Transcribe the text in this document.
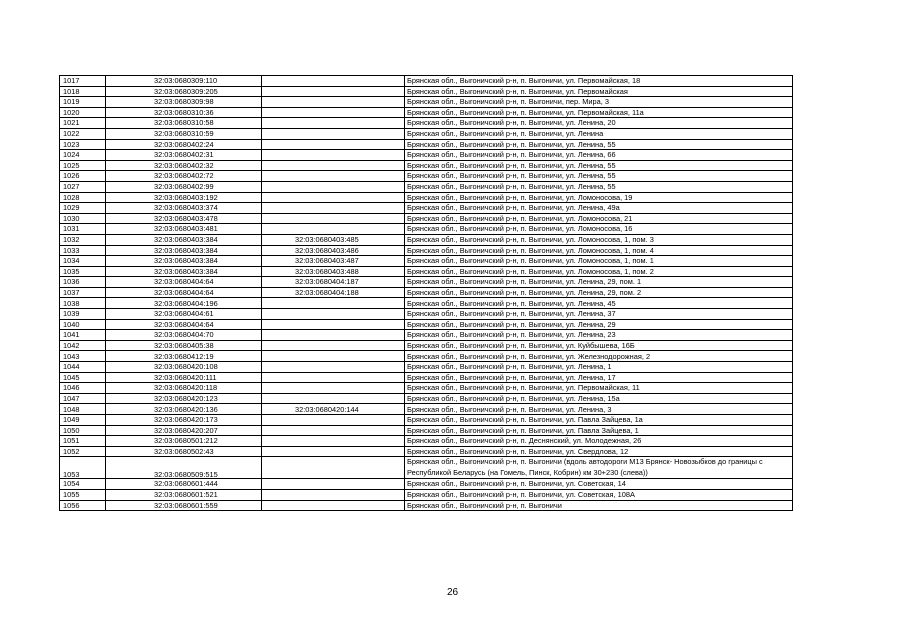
1017	32:03:0680309:110		Брянская обл., Выгоничский р-н, п. Выгоничи, ул. Первомайская, 18
1018	32:03:0680309:205		Брянская обл., Выгоничский р-н, п. Выгоничи, ул. Первомайская
1019	32:03:0680309:98		Брянская обл., Выгоничский р-н, п. Выгоничи, пер. Мира, 3
1020	32:03:0680310:36		Брянская обл., Выгоничский р-н, п. Выгоничи, ул. Первомайская, 11а
1021	32:03:0680310:58		Брянская обл., Выгоничский р-н, п. Выгоничи, ул. Ленина, 20
1022	32:03:0680310:59		Брянская обл., Выгоничский р-н, п. Выгоничи, ул. Ленина
1023	32:03:0680402:24		Брянская обл., Выгоничский р-н, п. Выгоничи, ул. Ленина, 55
1024	32:03:0680402:31		Брянская обл., Выгоничский р-н, п. Выгоничи, ул. Ленина, 66
1025	32:03:0680402:32		Брянская обл., Выгоничский р-н, п. Выгоничи, ул. Ленина, 55
1026	32:03:0680402:72		Брянская обл., Выгоничский р-н, п. Выгоничи, ул. Ленина, 55
1027	32:03:0680402:99		Брянская обл., Выгоничский р-н, п. Выгоничи, ул. Ленина, 55
1028	32:03:0680403:192		Брянская обл., Выгоничский р-н, п. Выгоничи, ул. Ломоносова, 19
1029	32:03:0680403:374		Брянская обл., Выгоничский р-н, п. Выгоничи, ул. Ленина, 49а
1030	32:03:0680403:478		Брянская обл., Выгоничский р-н, п. Выгоничи, ул. Ломоносова, 21
1031	32:03:0680403:481		Брянская обл., Выгоничский р-н, п. Выгоничи, ул. Ломоносова, 16
1032	32:03:0680403:384	32:03:0680403:485	Брянская обл., Выгоничский р-н, п. Выгоничи, ул. Ломоносова, 1, пом. 3
1033	32:03:0680403:384	32:03:0680403:486	Брянская обл., Выгоничский р-н, п. Выгоничи, ул. Ломоносова, 1, пом. 4
1034	32:03:0680403:384	32:03:0680403:487	Брянская обл., Выгоничский р-н, п. Выгоничи, ул. Ломоносова, 1, пом. 1
1035	32:03:0680403:384	32:03:0680403:488	Брянская обл., Выгоничский р-н, п. Выгоничи, ул. Ломоносова, 1, пом. 2
1036	32:03:0680404:64	32:03:0680404:187	Брянская обл., Выгоничский р-н, п. Выгоничи, ул. Ленина, 29, пом. 1
1037	32:03:0680404:64	32:03:0680404:188	Брянская обл., Выгоничский р-н, п. Выгоничи, ул. Ленина, 29, пом. 2
1038	32:03:0680404:196		Брянская обл., Выгоничский р-н, п. Выгоничи, ул. Ленина, 45
1039	32:03:0680404:61		Брянская обл., Выгоничский р-н, п. Выгоничи, ул. Ленина, 37
1040	32:03:0680404:64		Брянская обл., Выгоничский р-н, п. Выгоничи, ул. Ленина, 29
1041	32:03:0680404:70		Брянская обл., Выгоничский р-н, п. Выгоничи, ул. Ленина, 23
1042	32:03:0680405:38		Брянская обл., Выгоничский р-н, п. Выгоничи, ул. Куйбышева, 16Б
1043	32:03:0680412:19		Брянская обл., Выгоничский р-н, п. Выгоничи, ул. Железнодорожная, 2
1044	32:03:0680420:108		Брянская обл., Выгоничский р-н, п. Выгоничи, ул. Ленина, 1
1045	32:03:0680420:111		Брянская обл., Выгоничский р-н, п. Выгоничи, ул. Ленина, 17
1046	32:03:0680420:118		Брянская обл., Выгоничский р-н, п. Выгоничи, ул. Первомайская, 11
1047	32:03:0680420:123		Брянская обл., Выгоничский р-н, п. Выгоничи, ул. Ленина, 15а
1048	32:03:0680420:136	32:03:0680420:144	Брянская обл., Выгоничский р-н, п. Выгоничи, ул. Ленина, 3
1049	32:03:0680420:173		Брянская обл., Выгоничский р-н, п. Выгоничи, ул. Павла Зайцева, 1а
1050	32:03:0680420:207		Брянская обл., Выгоничский р-н, п. Выгоничи, ул. Павла Зайцева, 1
1051	32:03:0680501:212		Брянская обл., Выгоничский р-н, п. Деснянский, ул. Молодежная, 26
1052	32:03:0680502:43		Брянская обл., Выгоничский р-н, п. Выгоничи, ул. Свердлова, 12
1053	32:03:0680509:515		Брянская обл., Выгоничский р-н, п. Выгоничи (вдоль автодороги М13 Брянск- Новозыбков до границы с Республикой Беларусь (на Гомель, Пинск, Кобрин) км 30+230 (слева))
1054	32:03:0680601:444		Брянская обл., Выгоничский р-н, п. Выгоничи, ул. Советская, 14
1055	32:03:0680601:521		Брянская обл., Выгоничский р-н, п. Выгоничи, ул. Советская, 108А
1056	32:03:0680601:559		Брянская обл., Выгоничский р-н, п. Выгоничи
26
